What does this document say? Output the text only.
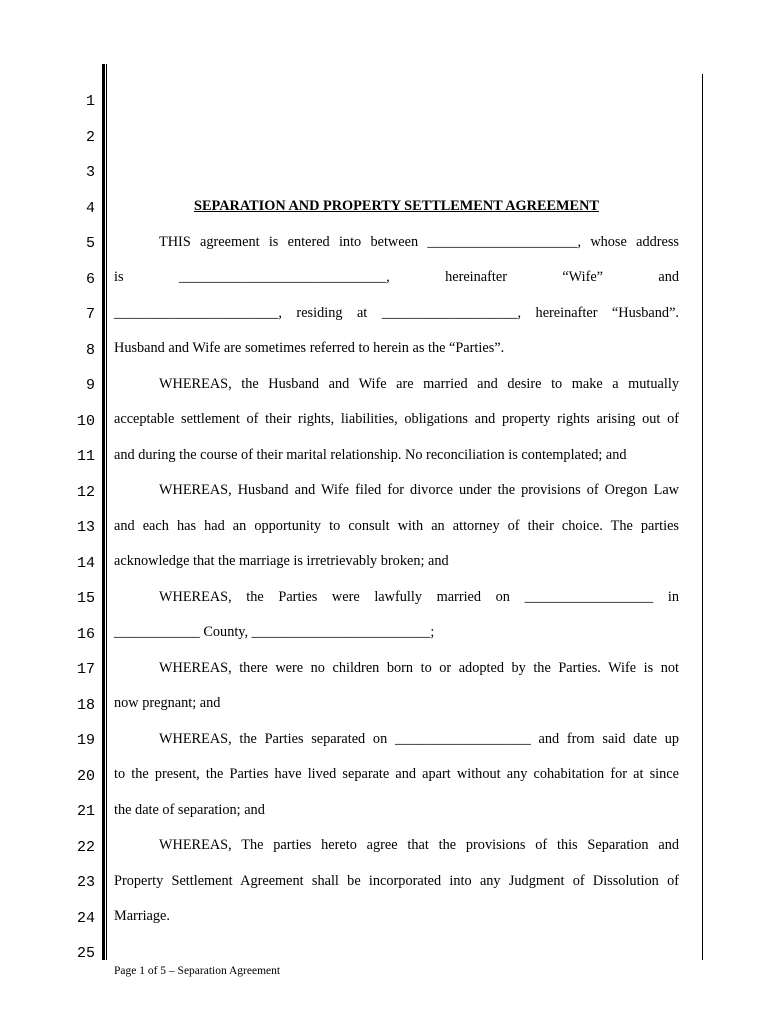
1
2
3
4
5
6
7
8
9
10
11
12
13
14
15
16
17
18
19
20
21
22
23
24
25
SEPARATION AND PROPERTY SETTLEMENT AGREEMENT
THIS agreement is entered into between _____________________, whose address
is          _____________________________,          hereinafter          “Wife”          and
_______________________, residing at ___________________, hereinafter “Husband”.
Husband and Wife are sometimes referred to herein as the “Parties”.
WHEREAS, the Husband and Wife are married and desire to make a mutually
acceptable settlement of their rights, liabilities, obligations and property rights arising out of
and during the course of their marital relationship. No reconciliation is contemplated; and
WHEREAS, Husband and Wife filed for divorce under the provisions of Oregon Law
and each has had an opportunity to consult with an attorney of their choice. The parties
acknowledge that the marriage is irretrievably broken; and
WHEREAS, the Parties were lawfully married on __________________ in
____________ County, _________________________;
WHEREAS, there were no children born to or adopted by the Parties. Wife is not
now pregnant; and
WHEREAS, the Parties separated on ___________________ and from said date up
to the present, the Parties have lived separate and apart without any cohabitation for at since
the date of separation; and
WHEREAS, The parties hereto agree that the provisions of this Separation and
Property Settlement Agreement shall be incorporated into any Judgment of Dissolution of
Marriage.
Page 1 of 5 – Separation Agreement
